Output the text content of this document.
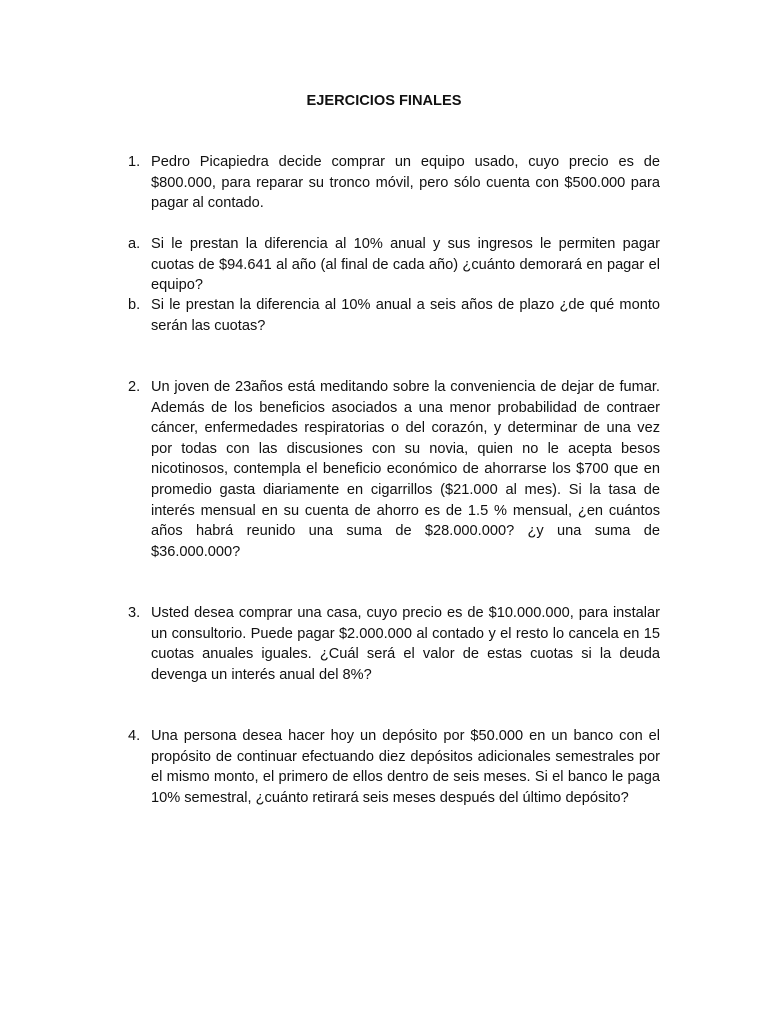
EJERCICIOS FINALES
1. Pedro Picapiedra decide comprar un equipo usado, cuyo precio es de $800.000, para reparar su tronco móvil, pero sólo cuenta con $500.000 para pagar al contado.
a. Si le prestan la diferencia al 10% anual y sus ingresos le permiten pagar cuotas de $94.641 al año (al final de cada año) ¿cuánto demorará en pagar el equipo?
b. Si le prestan la diferencia al 10% anual a seis años de plazo ¿de qué monto serán las cuotas?
2. Un joven de 23años está meditando sobre la conveniencia de dejar de fumar. Además de los beneficios asociados a una menor probabilidad de contraer cáncer, enfermedades respiratorias o del corazón, y determinar de una vez por todas con las discusiones con su novia, quien no le acepta besos nicotinosos, contempla el beneficio económico de ahorrarse los $700 que en promedio gasta diariamente en cigarrillos ($21.000 al mes). Si la tasa de interés mensual en su cuenta de ahorro es de 1.5 % mensual, ¿en cuántos años habrá reunido una suma de $28.000.000? ¿y una suma de $36.000.000?
3. Usted desea comprar una casa, cuyo precio es de $10.000.000, para instalar un consultorio. Puede pagar $2.000.000 al contado y el resto lo cancela en 15 cuotas anuales iguales. ¿Cuál será el valor de estas cuotas si la deuda devenga un interés anual del 8%?
4. Una persona desea hacer hoy un depósito por $50.000 en un banco con el propósito de continuar efectuando diez depósitos adicionales semestrales por el mismo monto, el primero de ellos dentro de seis meses. Si el banco le paga 10% semestral, ¿cuánto retirará seis meses después del último depósito?
